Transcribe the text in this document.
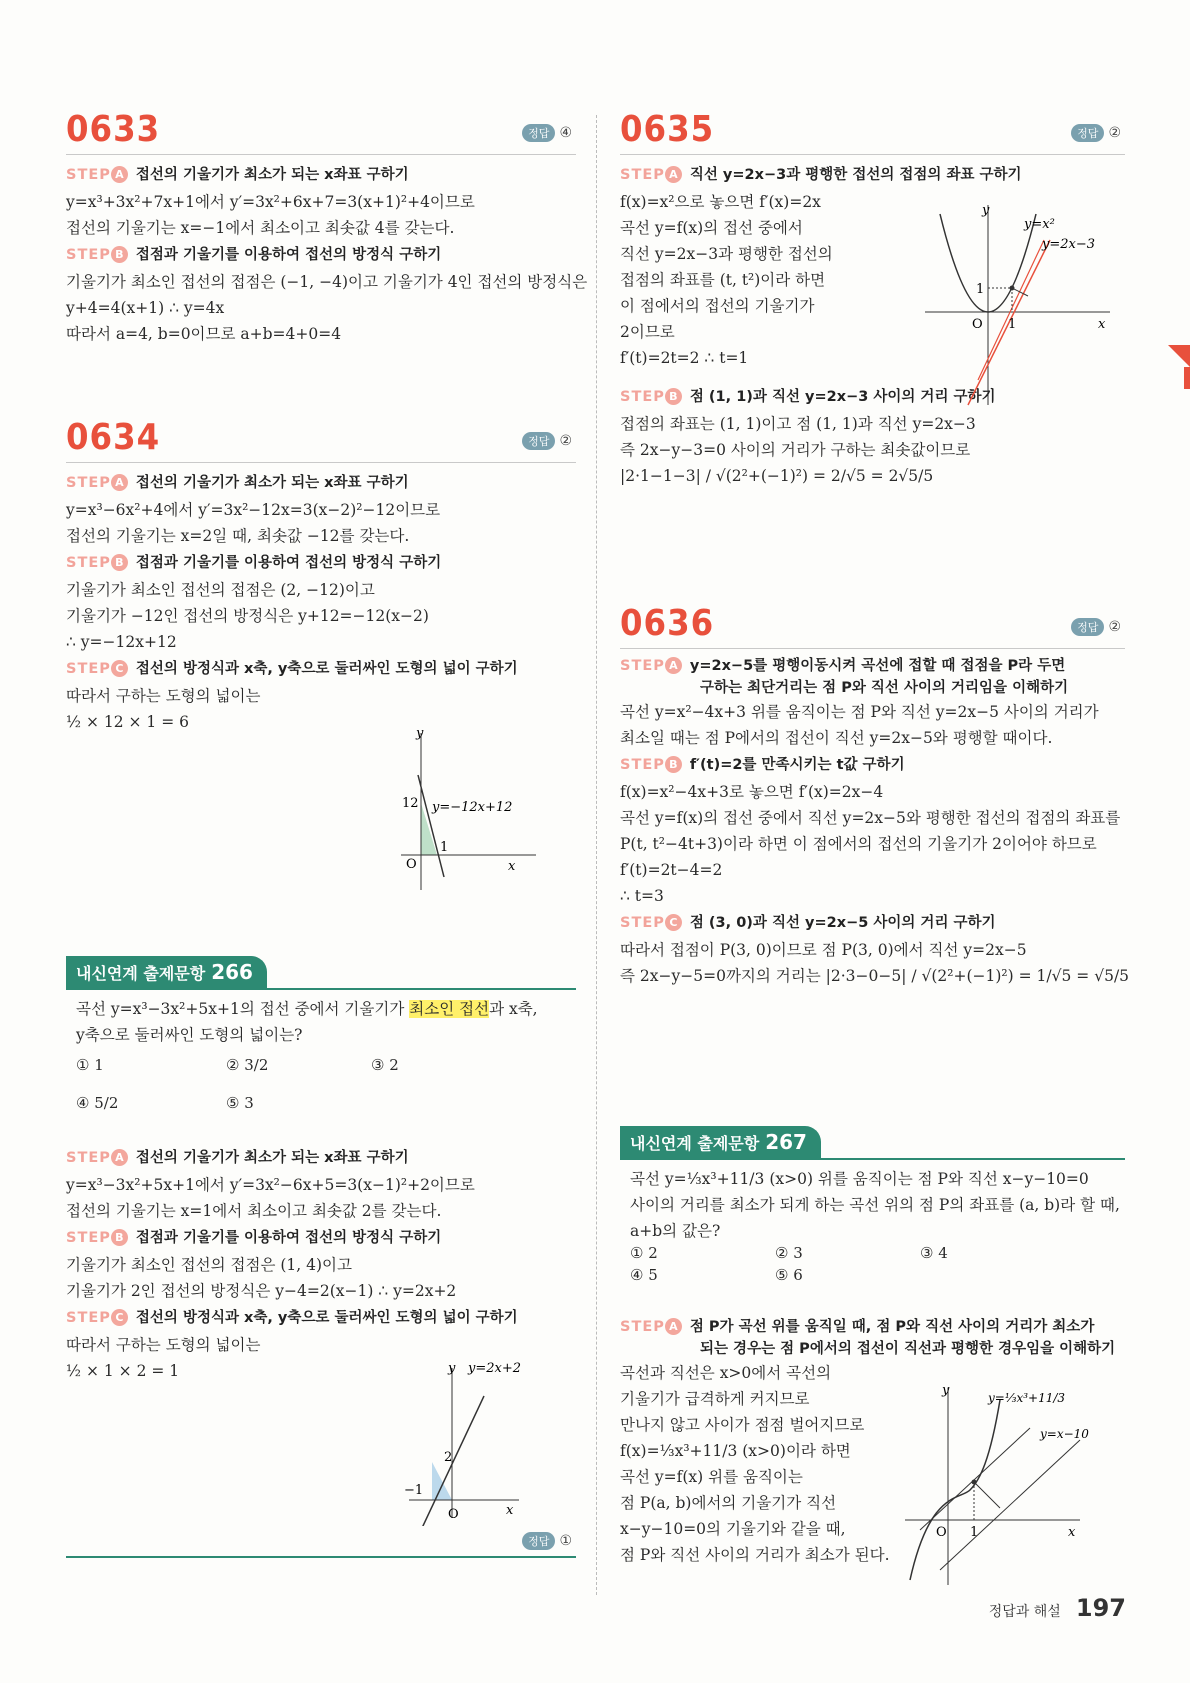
0633	정답 ④
STEP A 접선의 기울기가 최소가 되는 x좌표 구하기
y=x³+3x²+7x+1에서 y′=3x²+6x+7=3(x+1)²+4이므로
접선의 기울기는 x=−1에서 최소이고 최솟값 4를 갖는다.
STEP B 접점과 기울기를 이용하여 접선의 방정식 구하기
기울기가 최소인 접선의 접점은 (−1, −4)이고 기울기가 4인 접선의 방정식은
y+4=4(x+1) ∴ y=4x
따라서 a=4, b=0이므로 a+b=4+0=4
0634	정답 ②
STEP A 접선의 기울기가 최소가 되는 x좌표 구하기
y=x³−6x²+4에서 y′=3x²−12x=3(x−2)²−12이므로
접선의 기울기는 x=2일 때, 최솟값 −12를 갖는다.
STEP B 접점과 기울기를 이용하여 접선의 방정식 구하기
기울기가 최소인 접선의 접점은 (2, −12)이고
기울기가 −12인 접선의 방정식은 y+12=−12(x−2)
∴ y=−12x+12
STEP C 접선의 방정식과 x축, y축으로 둘러싸인 도형의 넓이 구하기
따라서 구하는 도형의 넓이는
½ × 12 × 1 = 6
y
x
O
12
1
y=−12x+12
내신연계 출제문항 266
곡선 y=x³−3x²+5x+1의 접선 중에서 기울기가 최소인 접선과 x축,
y축으로 둘러싸인 도형의 넓이는?
① 1	② 3/2	③ 2
④ 5/2	⑤ 3
STEP A 접선의 기울기가 최소가 되는 x좌표 구하기
y=x³−3x²+5x+1에서 y′=3x²−6x+5=3(x−1)²+2이므로
접선의 기울기는 x=1에서 최소이고 최솟값 2를 갖는다.
STEP B 접점과 기울기를 이용하여 접선의 방정식 구하기
기울기가 최소인 접선의 접점은 (1, 4)이고
기울기가 2인 접선의 방정식은 y−4=2(x−1) ∴ y=2x+2
STEP C 접선의 방정식과 x축, y축으로 둘러싸인 도형의 넓이 구하기
따라서 구하는 도형의 넓이는
½ × 1 × 2 = 1	y
x
O
2
−1
y=2x+2
정답 ①
0635	정답 ②
STEP A 직선 y=2x−3과 평행한 접선의 접점의 좌표 구하기
f(x)=x²으로 놓으면 f′(x)=2x
곡선 y=f(x)의 접선 중에서
직선 y=2x−3과 평행한 접선의
접점의 좌표를 (t, t²)이라 하면
이 점에서의 접선의 기울기가
2이므로
f′(t)=2t=2 ∴ t=1
y
x
O
1
1
y=x²
y=2x−3
STEP B 점 (1, 1)과 직선 y=2x−3 사이의 거리 구하기
접점의 좌표는 (1, 1)이고 점 (1, 1)과 직선 y=2x−3
즉 2x−y−3=0 사이의 거리가 구하는 최솟값이므로
|2·1−1−3| / √(2²+(−1)²) = 2/√5 = 2√5/5
0636	정답 ②
STEP A y=2x−5를 평행이동시켜 곡선에 접할 때 접점을 P라 두면
구하는 최단거리는 점 P와 직선 사이의 거리임을 이해하기
곡선 y=x²−4x+3 위를 움직이는 점 P와 직선 y=2x−5 사이의 거리가
최소일 때는 점 P에서의 접선이 직선 y=2x−5와 평행할 때이다.
STEP B f′(t)=2를 만족시키는 t값 구하기
f(x)=x²−4x+3로 놓으면 f′(x)=2x−4
곡선 y=f(x)의 접선 중에서 직선 y=2x−5와 평행한 접선의 접점의 좌표를
P(t, t²−4t+3)이라 하면 이 점에서의 접선의 기울기가 2이어야 하므로
f′(t)=2t−4=2
∴ t=3
STEP C 점 (3, 0)과 직선 y=2x−5 사이의 거리 구하기
따라서 접점이 P(3, 0)이므로 점 P(3, 0)에서 직선 y=2x−5
즉 2x−y−5=0까지의 거리는 |2·3−0−5| / √(2²+(−1)²) = 1/√5 = √5/5
내신연계 출제문항 267
곡선 y=⅓x³+11/3 (x>0) 위를 움직이는 점 P와 직선 x−y−10=0
사이의 거리를 최소가 되게 하는 곡선 위의 점 P의 좌표를 (a, b)라 할 때,
a+b의 값은?
① 2	② 3	③ 4
④ 5	⑤ 6
STEP A 점 P가 곡선 위를 움직일 때, 점 P와 직선 사이의 거리가 최소가
되는 경우는 점 P에서의 접선이 직선과 평행한 경우임을 이해하기
곡선과 직선은 x>0에서 곡선의
기울기가 급격하게 커지므로
만나지 않고 사이가 점점 벌어지므로
f(x)=⅓x³+11/3 (x>0)이라 하면
곡선 y=f(x) 위를 움직이는
점 P(a, b)에서의 기울기가 직선
x−y−10=0의 기울기와 같을 때,
점 P와 직선 사이의 거리가 최소가 된다.
y
x
O 1
y=⅓x³+11/3
y=x−10
정답과 해설 197
